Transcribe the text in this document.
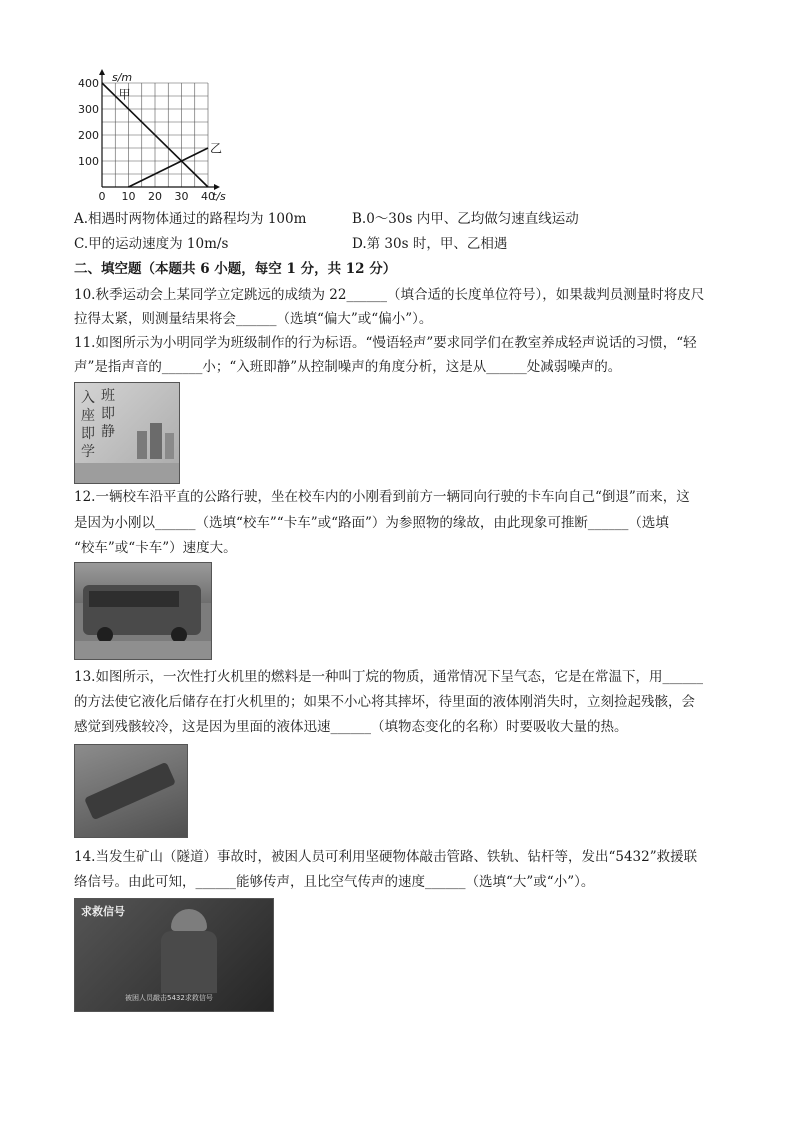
0 10 20 30 40
100
200
300
400 s/m
t/s
甲
乙
A.相遇时两物体通过的路程均为 100m	B.0～30s 内甲、乙均做匀速直线运动
C.甲的运动速度为 10m/s	D.第 30s 时，甲、乙相遇
二、填空题（本题共 6 小题，每空 1 分，共 12 分）
10.秋季运动会上某同学立定跳远的成绩为 22______（填合适的长度单位符号），如果裁判员测量时将皮尺
拉得太紧，则测量结果将会______（选填“偏大”或“偏小”）。
11.如图所示为小明同学为班级制作的行为标语。“慢语轻声”要求同学们在教室养成轻声说话的习惯，“轻
声”是指声音的______小；“入班即静”从控制噪声的角度分析，这是从______处减弱噪声的。
入
座
即
学
班
即
静
12.一辆校车沿平直的公路行驶，坐在校车内的小刚看到前方一辆同向行驶的卡车向自己“倒退”而来，这
是因为小刚以______（选填“校车”“卡车”或“路面”）为参照物的缘故，由此现象可推断______（选填
“校车”或“卡车”）速度大。
13.如图所示，一次性打火机里的燃料是一种叫丁烷的物质，通常情况下呈气态，它是在常温下，用______
的方法使它液化后储存在打火机里的；如果不小心将其摔坏，待里面的液体刚消失时，立刻捡起残骸，会
感觉到残骸较冷，这是因为里面的液体迅速______（填物态变化的名称）时要吸收大量的热。
14.当发生矿山（隧道）事故时，被困人员可利用坚硬物体敲击管路、铁轨、钻杆等，发出“5432”救援联
络信号。由此可知，______能够传声，且比空气传声的速度______（选填“大”或“小”）。
求救信号
被困人员敲击5432求救信号
